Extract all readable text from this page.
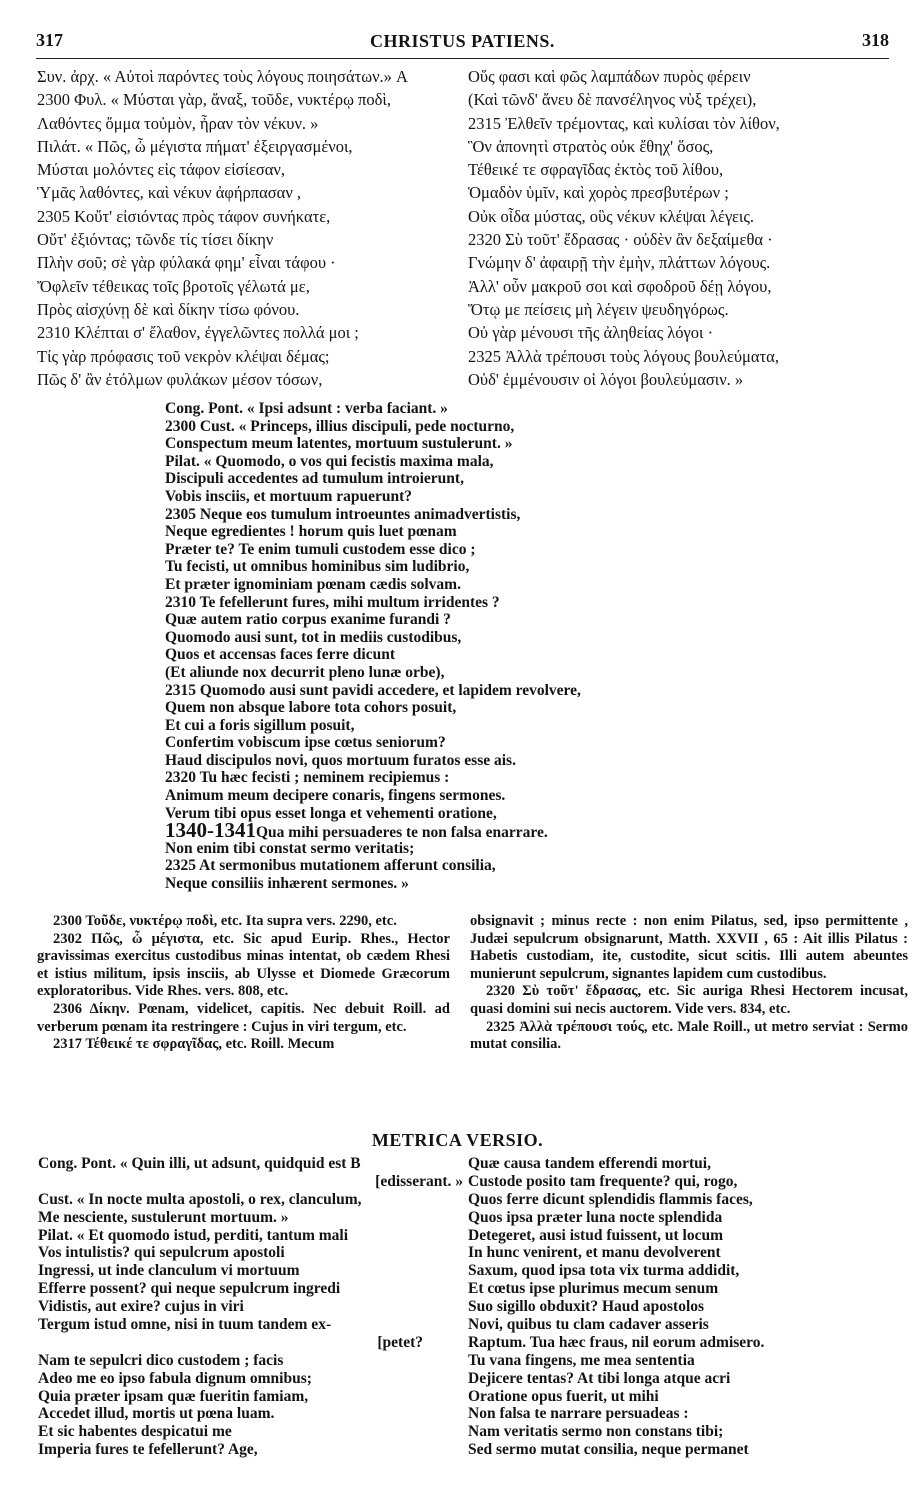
317	CHRISTUS PATIENS.	318
Συν. ἀρχ. « Αὐτοὶ παρόντες τοὺς λόγους ποιησάτων.» A
2300 Φυλ. « Μύσται γὰρ, ἄναξ, τοῦδε, νυκτέρῳ ποδὶ,
Λαθόντες ὄμμα τοὐμὸν, ἦραν τὸν νέκυν. »
Πιλάτ. « Πῶς, ὦ μέγιστα πήματ' ἐξειργασμένοι,
Μύσται μολόντες εἰς τάφον εἰσίεσαν,
Ὑμᾶς λαθόντες, καὶ νέκυν ἀφήρπασαν ,
2305 Κοὔτ' εἰσιόντας πρὸς τάφον συνήκατε,
Οὔτ' ἐξιόντας; τῶνδε τίς τίσει δίκην
Πλὴν σοῦ; σὲ γὰρ φύλακά φημ' εἶναι τάφου ·
Ὄφλεῖν τέθεικας τοῖς βροτοῖς γέλωτά με,
Πρὸς αἰσχύνῃ δὲ καὶ δίκην τίσω φόνου.
2310 Κλέπται σ' ἔλαθον, ἐγγελῶντες πολλά μοι ;
Τίς γὰρ πρόφασις τοῦ νεκρὸν κλέψαι δέμας;
Πῶς δ' ἂν ἐτόλμων φυλάκων μέσον τόσων,
Οὕς φασι καὶ φῶς λαμπάδων πυρὸς φέρειν
(Καὶ τῶνδ' ἄνευ δὲ πανσέληνος νὺξ τρέχει),
2315 Ἐλθεῖν τρέμοντας, καὶ κυλίσαι τὸν λίθον,
Ὃν ἀπονητὶ στρατὸς οὐκ ἔθηχ' ὅσος,
Τέθεικέ τε σφραγῖδας ἐκτὸς τοῦ λίθου,
Ὁμαδὸν ὑμῖν, καὶ χορὸς πρεσβυτέρων ;
Οὐκ οἶδα μύστας, οὓς νέκυν κλέψαι λέγεις.
2320 Σὺ τοῦτ' ἔδρασας · οὐδὲν ἂν δεξαίμεθα ·
Γνώμην δ' ἀφαιρῇ τὴν ἐμὴν, πλάττων λόγους.
Ἀλλ' οὖν μακροῦ σοι καὶ σφοδροῦ δέῃ λόγου,
Ὅτῳ με πείσεις μὴ λέγειν ψευδηγόρως.
Οὐ γὰρ μένουσι τῆς ἀληθείας λόγοι ·
2325 Ἀλλὰ τρέπουσι τοὺς λόγους βουλεύματα,
Οὐδ' ἐμμένουσιν οἱ λόγοι βουλεύμασιν. »
Cong. Pont. « Ipsi adsunt : verba faciant. »
2300 Cust. « Princeps, illius discipuli, pede nocturno,
Conspectum meum latentes, mortuum sustulerunt. »
Pilat. « Quomodo, o vos qui fecistis maxima mala,
Discipuli accedentes ad tumulum introierunt,
Vobis insciis, et mortuum rapuerunt?
2305 Neque eos tumulum introeuntes animadvertistis,
Neque egredientes ! horum quis luet pœnam
Præter te? Te enim tumuli custodem esse dico ;
Tu fecisti, ut omnibus hominibus sim ludibrio,
Et præter ignominiam pœnam cædis solvam.
2310 Te fefellerunt fures, mihi multum irridentes ?
Quæ autem ratio corpus exanime furandi ?
Quomodo ausi sunt, tot in mediis custodibus,
Quos et accensas faces ferre dicunt
(Et aliunde nox decurrit pleno lunæ orbe),
2315 Quomodo ausi sunt pavidi accedere, et lapidem revolvere,
Quem non absque labore tota cohors posuit,
Et cui a foris sigillum posuit,
Confertim vobiscum ipse cœtus seniorum?
Haud discipulos novi, quos mortuum furatos esse ais.
2320 Tu hæc fecisti ; neminem recipiemus :
Animum meum decipere conaris, fingens sermones.
Verum tibi opus esset longa et vehementi oratione,
1340-1341Qua mihi persuaderes te non falsa enarrare.
Non enim tibi constat sermo veritatis;
2325 At sermonibus mutationem afferunt consilia,
Neque consiliis inhærent sermones. »

2300 Τοῦδε, νυκτέρῳ ποδὶ, etc. Ita supra vers. 2290, etc.

2302 Πῶς, ὦ μέγιστα, etc. Sic apud Eurip. Rhes., Hector gravissimas exercitus custodibus minas intentat, ob cædem Rhesi et istius militum, ipsis insciis, ab Ulysse et Diomede Græcorum exploratoribus. Vide Rhes. vers. 808, etc.

2306 Δίκην. Pœnam, videlicet, capitis. Nec debuit Roill. ad verberum pœnam ita restringere : Cujus in viri tergum, etc.

2317 Τέθεικέ τε σφραγῖδας, etc. Roill. Mecum

obsignavit ; minus recte : non enim Pilatus, sed, ipso permittente , Judæi sepulcrum obsignarunt, Matth. XXVII , 65 : Ait illis Pilatus : Habetis custodiam, ite, custodite, sicut scitis. Illi autem abeuntes munierunt sepulcrum, signantes lapidem cum custodibus.

2320 Σὺ τοῦτ' ἔδρασας, etc. Sic auriga Rhesi Hectorem incusat, quasi domini sui necis auctorem. Vide vers. 834, etc.

2325 Ἀλλὰ τρέπουσι τούς, etc. Male Roill., ut metro serviat : Sermo mutat consilia.

METRICA VERSIO.
Cong. Pont. « Quin illi, ut adsunt, quidquid est B
[edisserant. »
Cust. « In nocte multa apostoli, o rex, clanculum,
Me nesciente, sustulerunt mortuum. »
Pilat. « Et quomodo istud, perditi, tantum mali
Vos intulistis? qui sepulcrum apostoli
Ingressi, ut inde clanculum vi mortuum
Efferre possent? qui neque sepulcrum ingredi
Vidistis, aut exire? cujus in viri
Tergum istud omne, nisi in tuum tandem ex-
[petet?
Nam te sepulcri dico custodem ; facis
Adeo me eo ipso fabula dignum omnibus;
Quia præter ipsam quæ fueritin famiam,
Accedet illud, mortis ut pœna luam.
Et sic habentes despicatui me
Imperia fures te fefellerunt? Age,
Quæ causa tandem efferendi mortui,
Custode posito tam frequente? qui, rogo,
Quos ferre dicunt splendidis flammis faces,
Quos ipsa præter luna nocte splendida
Detegeret, ausi istud fuissent, ut locum
In hunc venirent, et manu devolverent
Saxum, quod ipsa tota vix turma addidit,
Et cœtus ipse plurimus mecum senum
Suo sigillo obduxit? Haud apostolos
Novi, quibus tu clam cadaver asseris
Raptum. Tua hæc fraus, nil eorum admisero.
Tu vana fingens, me mea sententia
Dejicere tentas? At tibi longa atque acri
Oratione opus fuerit, ut mihi
Non falsa te narrare persuadeas :
Nam veritatis sermo non constans tibi;
Sed sermo mutat consilia, neque permanet
